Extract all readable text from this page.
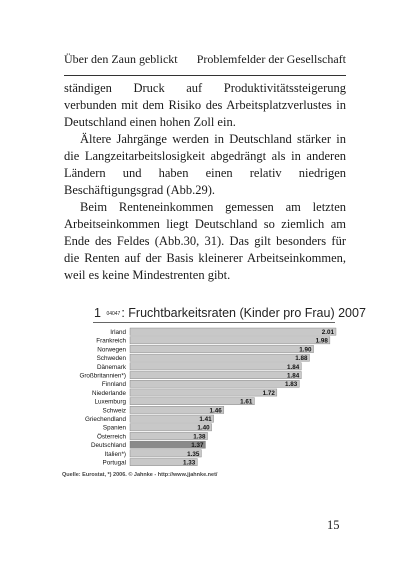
Über den Zaun geblickt Problemfelder der Gesellschaft

ständigen Druck auf Produktivitätssteigerung verbunden mit dem Risiko des Arbeitsplatzverlustes in Deutschland einen hohen Zoll ein.

Ältere Jahrgänge werden in Deutschland stärker in die Langzeitarbeitslosigkeit abgedrängt als in anderen Ländern und haben einen relativ niedrigen Beschäftigungsgrad (Abb.29).

Beim Renteneinkommen gemessen am letzten Arbeitseinkommen liegt Deutschland so ziemlich am Ende des Feldes (Abb.30, 31). Das gilt besonders für die Renten auf der Basis kleinerer Arbeitseinkommen, weil es keine Mindestrenten gibt.

1 04047: Fruchtbarkeitsraten (Kinder pro Frau) 2007
Irland	2.01
Frankreich	1.98
Norwegen	1.90
Schweden	1.88
Dänemark	1.84
Großbritannien*)	1.84
Finnland	1.83
Niederlande	1.72
Luxemburg	1.61
Schweiz	1.46
Griechendland	1.41
Spanien	1.40
Österreich	1.38
Deutschland	1.37
Italien*)	1.35
Portugal	1.33
Quelle: Eurostat, *) 2006. © Jahnke - http://www.jjahnke.net/
15
